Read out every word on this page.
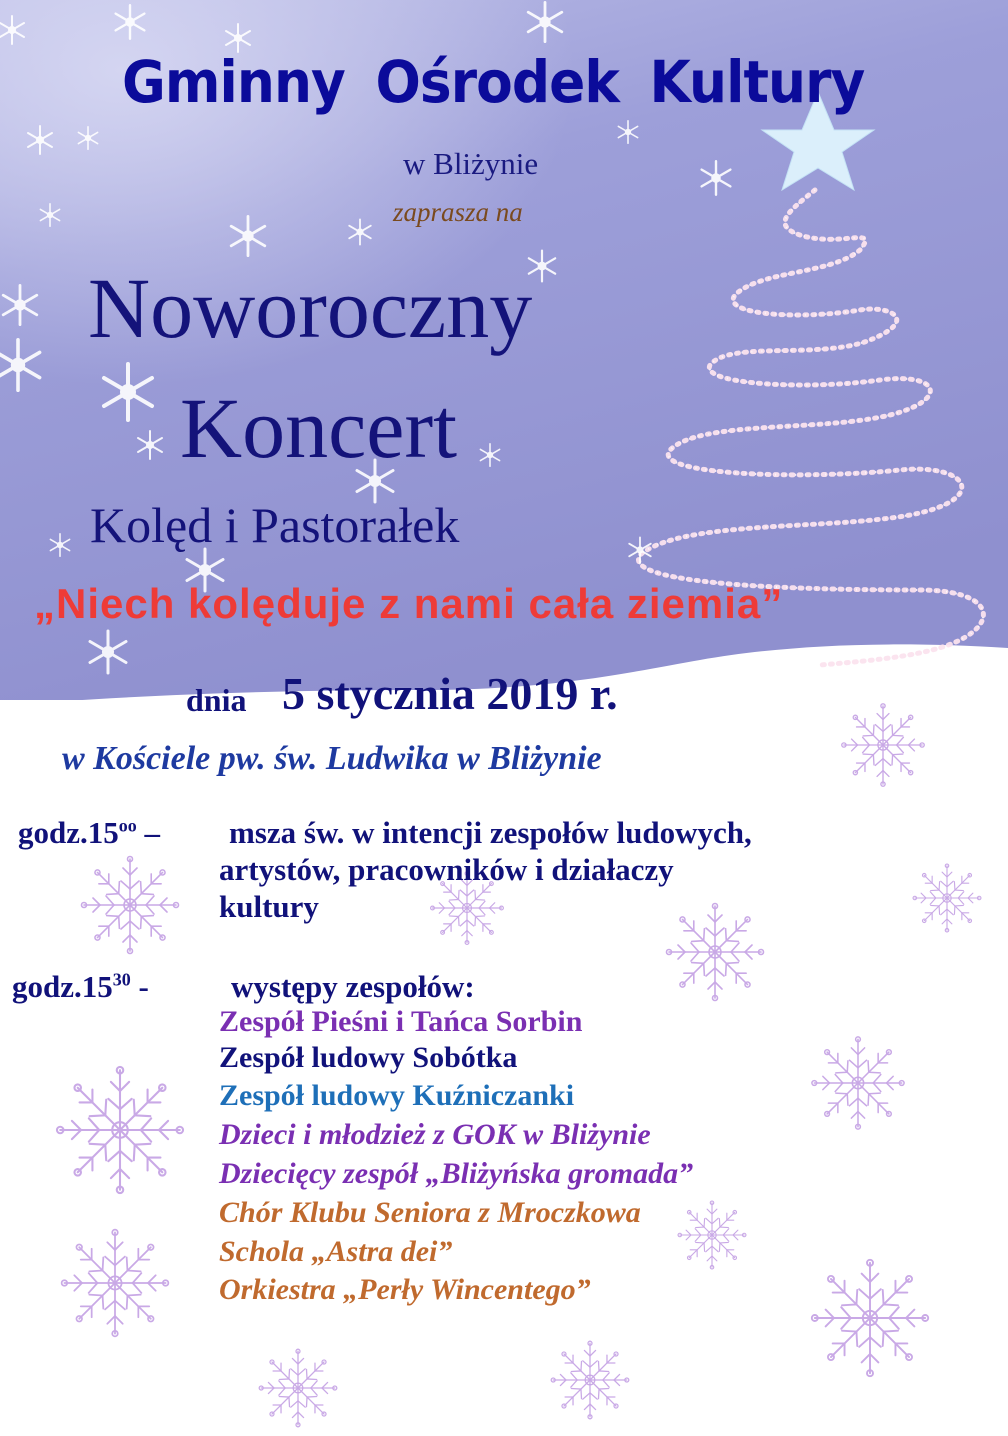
Gminny Ośrodek Kultury
w Bliżynie
zaprasza na
Noworoczny
Koncert
Kolęd i Pastorałek
„Niech kolęduje z nami cała ziemia”
dnia 5 stycznia 2019 r.
w Kościele pw. św. Ludwika w Bliżynie
$godz.15^{oo}$ – msza św. w intencji zespołów ludowych,
artystów, pracowników i działaczy
kultury
$godz.15^{30}$ -	występy zespołów:
Zespół Pieśni i Tańca Sorbin
Zespół ludowy Sobótka
Zespół ludowy Kuźniczanki
Dzieci i młodzież z GOK w Bliżynie
Dziecięcy zespół „Bliżyńska gromada”
Chór Klubu Seniora z Mroczkowa
Schola „Astra dei”
Orkiestra „Perły Wincentego”
